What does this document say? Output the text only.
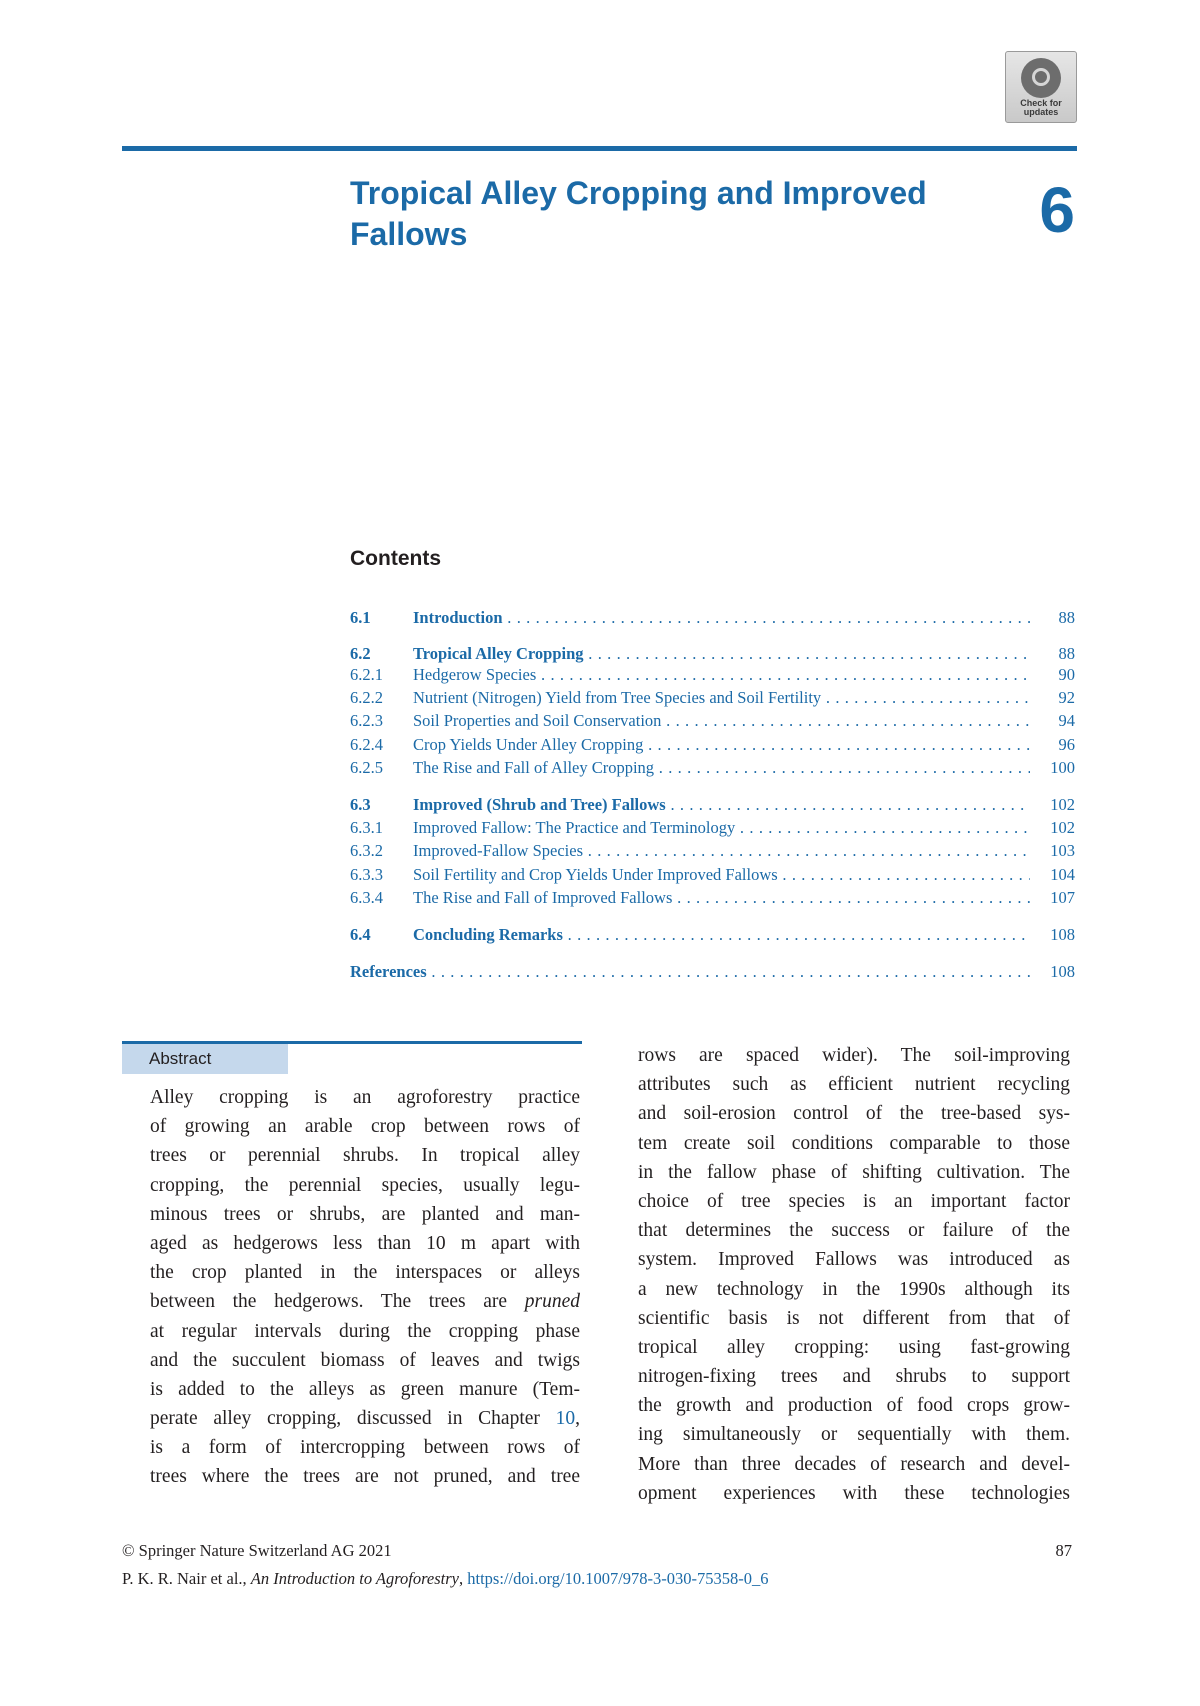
Check for
updates
Tropical Alley Cropping and Improved Fallows	6
Contents
6.1	Introduction . . .	88
6.2	Tropical Alley Cropping . . .	88
6.2.1 Hedgerow Species . . .	90
6.2.2 Nutrient (Nitrogen) Yield from Tree Species and Soil Fertility . . .	92
6.2.3 Soil Properties and Soil Conservation . . .	94
6.2.4 Crop Yields Under Alley Cropping . . .	96
6.2.5 The Rise and Fall of Alley Cropping . . .	100
6.3	Improved (Shrub and Tree) Fallows . . .	102
6.3.1 Improved Fallow: The Practice and Terminology . . .	102
6.3.2 Improved-Fallow Species . . .	103
6.3.3 Soil Fertility and Crop Yields Under Improved Fallows . . .	104
6.3.4 The Rise and Fall of Improved Fallows . . .	107
6.4	Concluding Remarks . . .	108
References . . .	108
Abstract
Alley cropping is an agroforestry practice
of growing an arable crop between rows of
trees or perennial shrubs. In tropical alley
cropping, the perennial species, usually legu-
minous trees or shrubs, are planted and man-
aged as hedgerows less than 10 m apart with
the crop planted in the interspaces or alleys
between the hedgerows. The trees are pruned
at regular intervals during the cropping phase
and the succulent biomass of leaves and twigs
is added to the alleys as green manure (Tem-
perate alley cropping, discussed in Chapter 10,
is a form of intercropping between rows of
trees where the trees are not pruned, and tree
rows are spaced wider). The soil-improving
attributes such as efficient nutrient recycling
and soil-erosion control of the tree-based sys-
tem create soil conditions comparable to those
in the fallow phase of shifting cultivation. The
choice of tree species is an important factor
that determines the success or failure of the
system. Improved Fallows was introduced as
a new technology in the 1990s although its
scientific basis is not different from that of
tropical alley cropping: using fast-growing
nitrogen-fixing trees and shrubs to support
the growth and production of food crops grow-
ing simultaneously or sequentially with them.
More than three decades of research and devel-
opment experiences with these technologies
© Springer Nature Switzerland AG 2021	87
P. K. R. Nair et al., An Introduction to Agroforestry, https://doi.org/10.1007/978-3-030-75358-0_6
